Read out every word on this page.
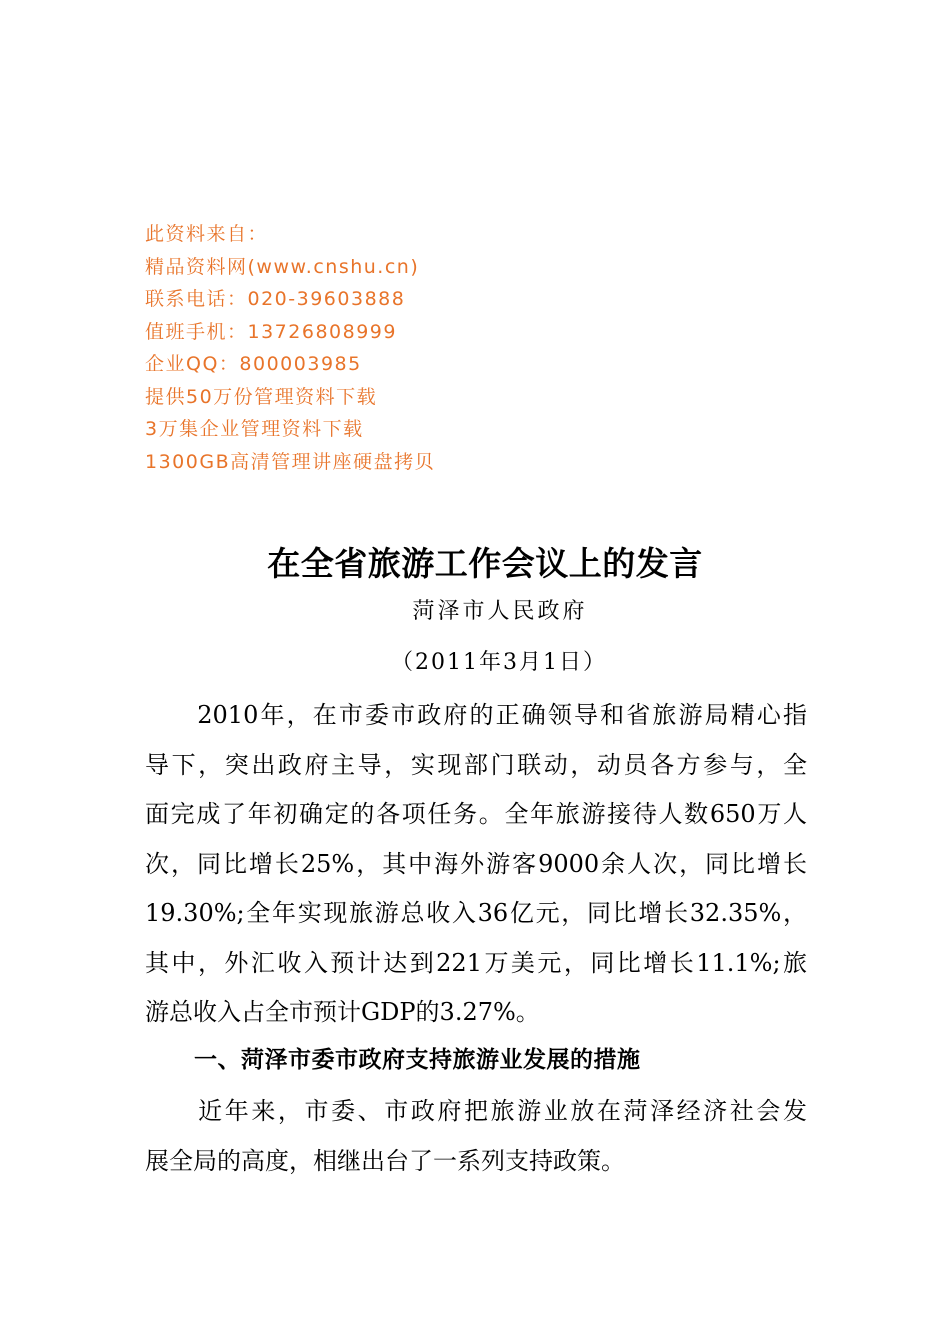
此资料来自：
精品资料网(www.cnshu.cn)
联系电话：020-39603888
值班手机：13726808999
企业QQ：800003985
提供50万份管理资料下载
3万集企业管理资料下载
1300GB高清管理讲座硬盘拷贝
在全省旅游工作会议上的发言
菏泽市人民政府
（2011年3月1日）
　　2010年，在市委市政府的正确领导和省旅游局精心指
导下，突出政府主导，实现部门联动，动员各方参与，全
面完成了年初确定的各项任务。全年旅游接待人数650万人
次，同比增长25%，其中海外游客9000余人次，同比增长
19.30%;全年实现旅游总收入36亿元，同比增长32.35%，
其中，外汇收入预计达到221万美元，同比增长11.1%;旅
游总收入占全市预计GDP的3.27%。
一、菏泽市委市政府支持旅游业发展的措施
　　近年来，市委、市政府把旅游业放在菏泽经济社会发
展全局的高度，相继出台了一系列支持政策。
